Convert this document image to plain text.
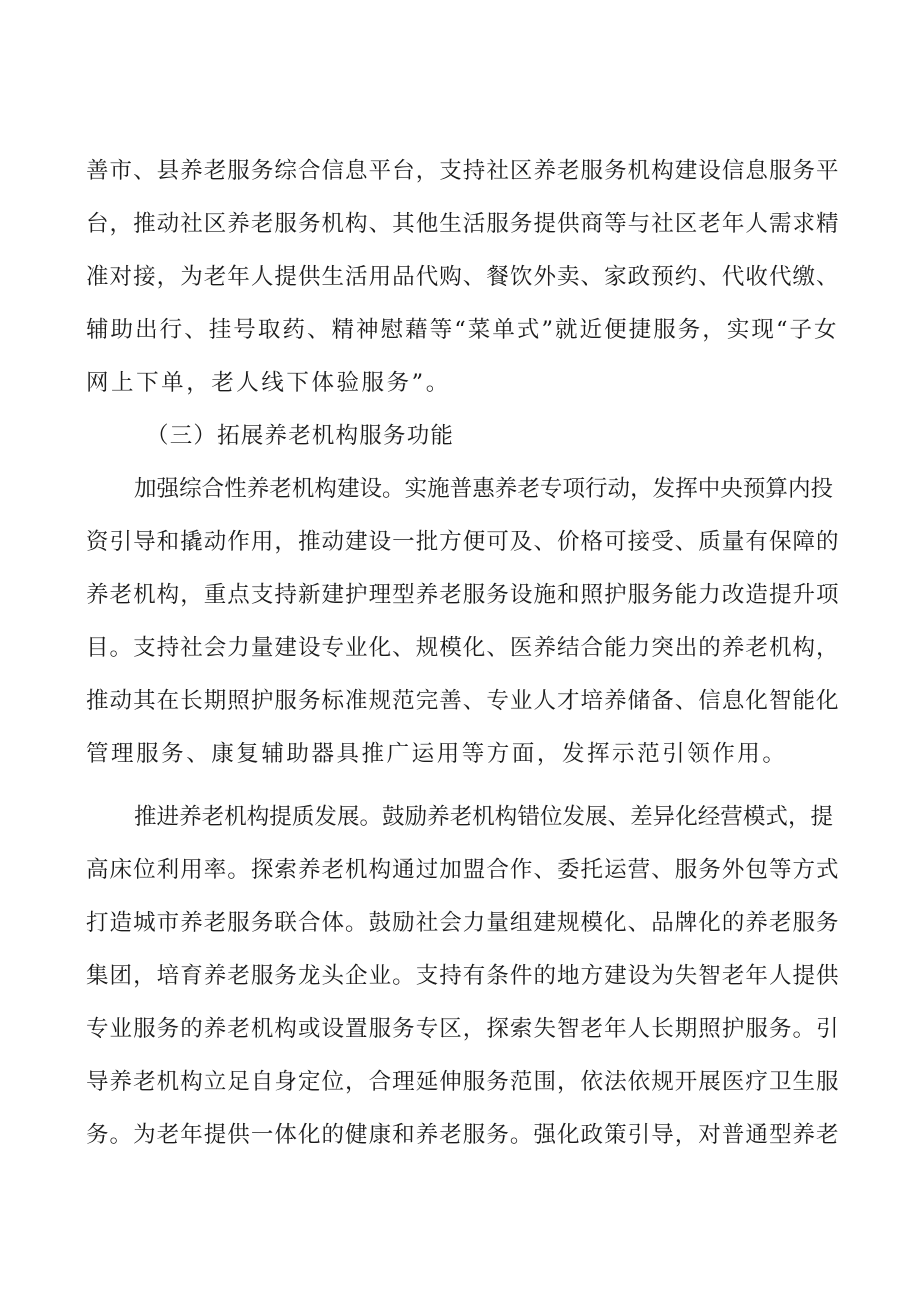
善市、县养老服务综合信息平台，支持社区养老服务机构建设信息服务平
台，推动社区养老服务机构、其他生活服务提供商等与社区老年人需求精
准对接，为老年人提供生活用品代购、餐饮外卖、家政预约、代收代缴、
辅助出行、挂号取药、精神慰藉等“菜单式”就近便捷服务，实现“子女
网上下单，老人线下体验服务”。
（三）拓展养老机构服务功能
加强综合性养老机构建设。实施普惠养老专项行动，发挥中央预算内投
资引导和撬动作用，推动建设一批方便可及、价格可接受、质量有保障的
养老机构，重点支持新建护理型养老服务设施和照护服务能力改造提升项
目。支持社会力量建设专业化、规模化、医养结合能力突出的养老机构，
推动其在长期照护服务标准规范完善、专业人才培养储备、信息化智能化
管理服务、康复辅助器具推广运用等方面，发挥示范引领作用。
推进养老机构提质发展。鼓励养老机构错位发展、差异化经营模式，提
高床位利用率。探索养老机构通过加盟合作、委托运营、服务外包等方式
打造城市养老服务联合体。鼓励社会力量组建规模化、品牌化的养老服务
集团，培育养老服务龙头企业。支持有条件的地方建设为失智老年人提供
专业服务的养老机构或设置服务专区，探索失智老年人长期照护服务。引
导养老机构立足自身定位，合理延伸服务范围，依法依规开展医疗卫生服
务。为老年提供一体化的健康和养老服务。强化政策引导，对普通型养老
